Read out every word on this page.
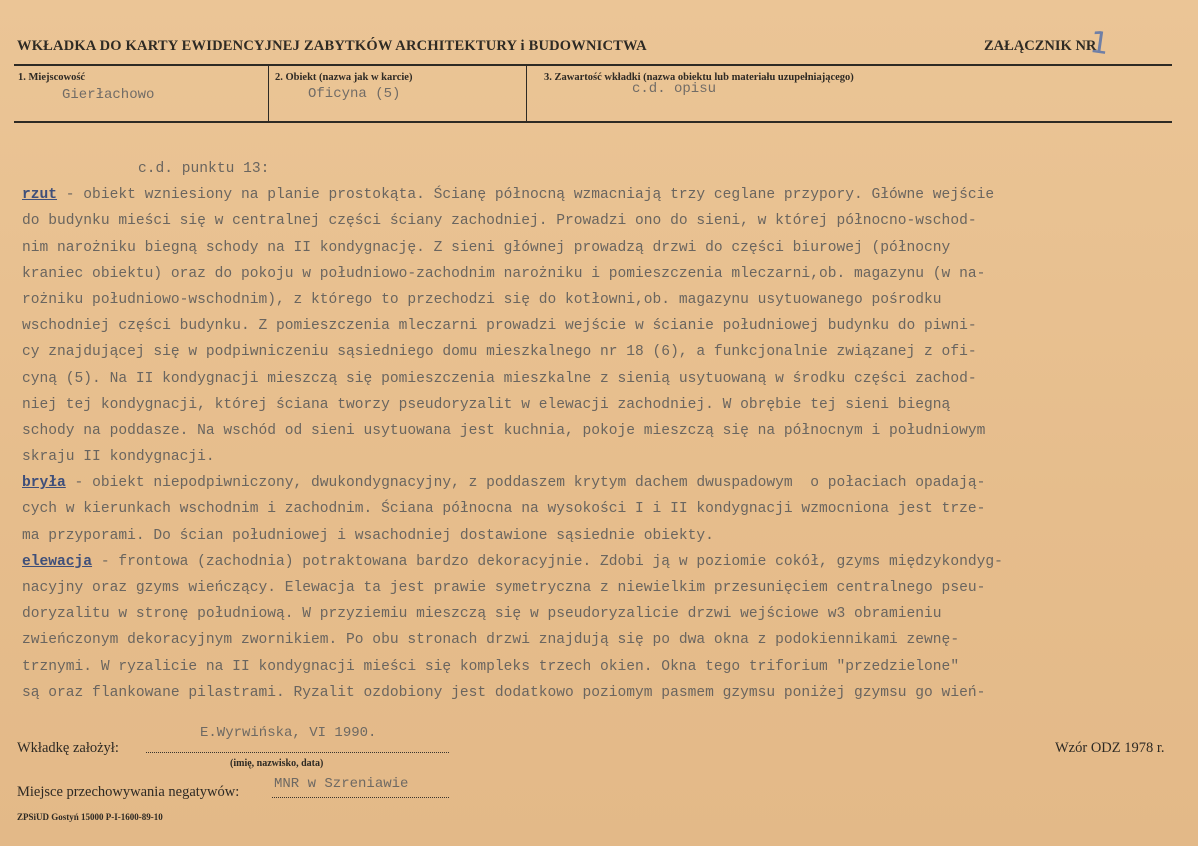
WKŁADKA DO KARTY EWIDENCYJNEJ ZABYTKÓW ARCHITEKTURY i BUDOWNICTWA	ZAŁĄCZNIK NR
1
1. Miejscowość
Gierłachowo
2. Obiekt (nazwa jak w karcie)
Oficyna (5)
3. Zawartość wkładki (nazwa obiektu lub materiału uzupełniającego)
c.d. opisu
c.d. punktu 13:
rzut - obiekt wzniesiony na planie prostokąta. Ścianę północną wzmacniają trzy ceglane przypory. Główne wejście
do budynku mieści się w centralnej części ściany zachodniej. Prowadzi ono do sieni, w której północno-wschod-
nim narożniku biegną schody na II kondygnację. Z sieni głównej prowadzą drzwi do części biurowej (północny
kraniec obiektu) oraz do pokoju w południowo-zachodnim narożniku i pomieszczenia mleczarni,ob. magazynu (w na-
rożniku południowo-wschodnim), z którego to przechodzi się do kotłowni,ob. magazynu usytuowanego pośrodku
wschodniej części budynku. Z pomieszczenia mleczarni prowadzi wejście w ścianie południowej budynku do piwni-
cy znajdującej się w podpiwniczeniu sąsiedniego domu mieszkalnego nr 18 (6), a funkcjonalnie związanej z ofi-
cyną (5). Na II kondygnacji mieszczą się pomieszczenia mieszkalne z sienią usytuowaną w środku części zachod-
niej tej kondygnacji, której ściana tworzy pseudoryzalit w elewacji zachodniej. W obrębie tej sieni biegną
schody na poddasze. Na wschód od sieni usytuowana jest kuchnia, pokoje mieszczą się na północnym i południowym
skraju II kondygnacji.
bryła - obiekt niepodpiwniczony, dwukondygnacyjny, z poddaszem krytym dachem dwuspadowym  o połaciach opadają-
cych w kierunkach wschodnim i zachodnim. Ściana północna na wysokości I i II kondygnacji wzmocniona jest trze-
ma przyporami. Do ścian południowej i wsachodniej dostawione sąsiednie obiekty.
elewacja - frontowa (zachodnia) potraktowana bardzo dekoracyjnie. Zdobi ją w poziomie cokół, gzyms międzykondyg-
nacyjny oraz gzyms wieńczący. Elewacja ta jest prawie symetryczna z niewielkim przesunięciem centralnego pseu-
doryzalitu w stronę południową. W przyziemiu mieszczą się w pseudoryzalicie drzwi wejściowe w3 obramieniu
zwieńczonym dekoracyjnym zwornikiem. Po obu stronach drzwi znajdują się po dwa okna z podokiennikami zewnę-
trznymi. W ryzalicie na II kondygnacji mieści się kompleks trzech okien. Okna tego triforium "przedzielone"
są oraz flankowane pilastrami. Ryzalit ozdobiony jest dodatkowo poziomym pasmem gzymsu poniżej gzymsu go wień-
Wkładkę założył:
E.Wyrwińska, VI 1990.
(imię, nazwisko, data)
Wzór ODZ 1978 r.
Miejsce przechowywania negatywów: MNR w Szreniawie
ZPSiUD Gostyń 15000 P-I-1600-89-10
